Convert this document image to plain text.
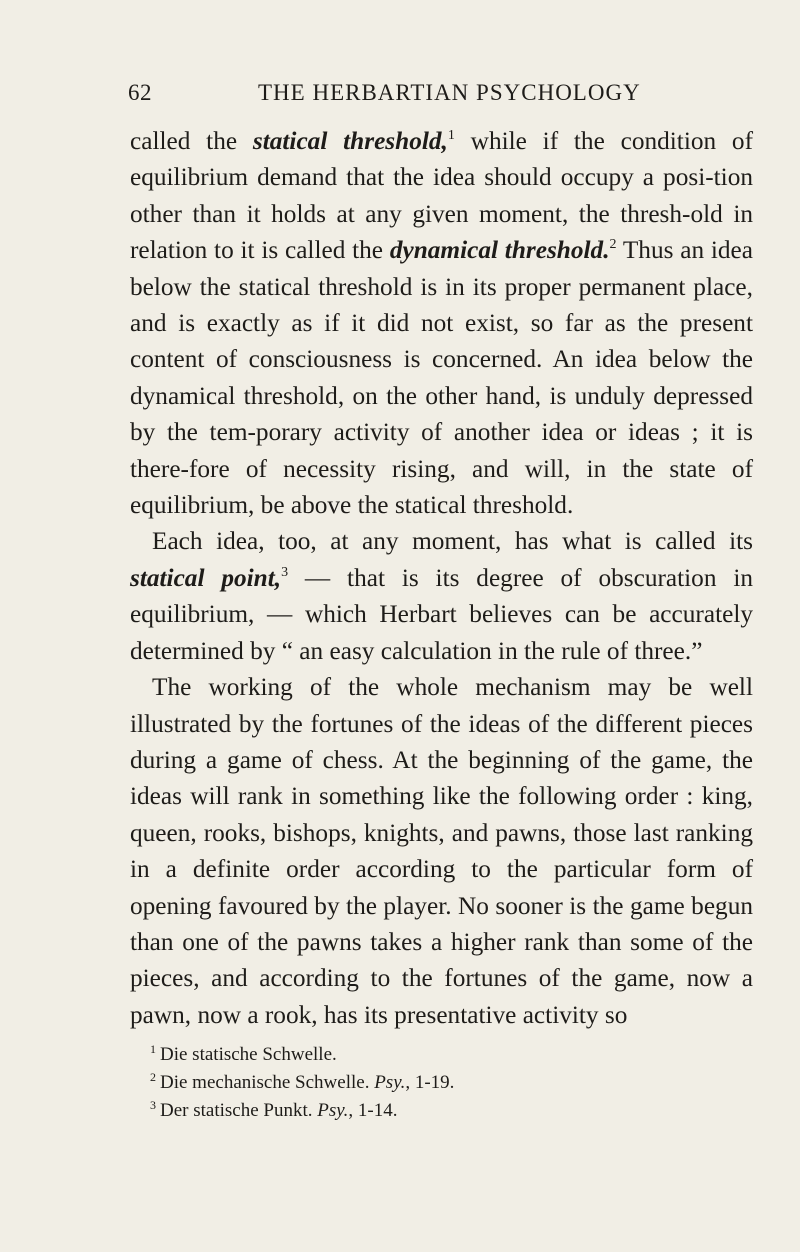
62	THE HERBARTIAN PSYCHOLOGY

called the statical threshold,$^1$ while if the condition of equilibrium demand that the idea should occupy a posi-tion other than it holds at any given moment, the thresh-old in relation to it is called the dynamical threshold.$^2$ Thus an idea below the statical threshold is in its proper permanent place, and is exactly as if it did not exist, so far as the present content of consciousness is concerned. An idea below the dynamical threshold, on the other hand, is unduly depressed by the tem-porary activity of another idea or ideas ; it is there-fore of necessity rising, and will, in the state of equilibrium, be above the statical threshold.

Each idea, too, at any moment, has what is called its statical point,$^3$ — that is its degree of obscuration in equilibrium, — which Herbart believes can be accurately determined by “ an easy calculation in the rule of three.”

The working of the whole mechanism may be well illustrated by the fortunes of the ideas of the different pieces during a game of chess. At the beginning of the game, the ideas will rank in something like the following order : king, queen, rooks, bishops, knights, and pawns, those last ranking in a definite order according to the particular form of opening favoured by the player. No sooner is the game begun than one of the pawns takes a higher rank than some of the pieces, and according to the fortunes of the game, now a pawn, now a rook, has its presentative activity so

$^1$ Die statische Schwelle.
$^2$ Die mechanische Schwelle. Psy., 1-19.
$^3$ Der statische Punkt. Psy., 1-14.
